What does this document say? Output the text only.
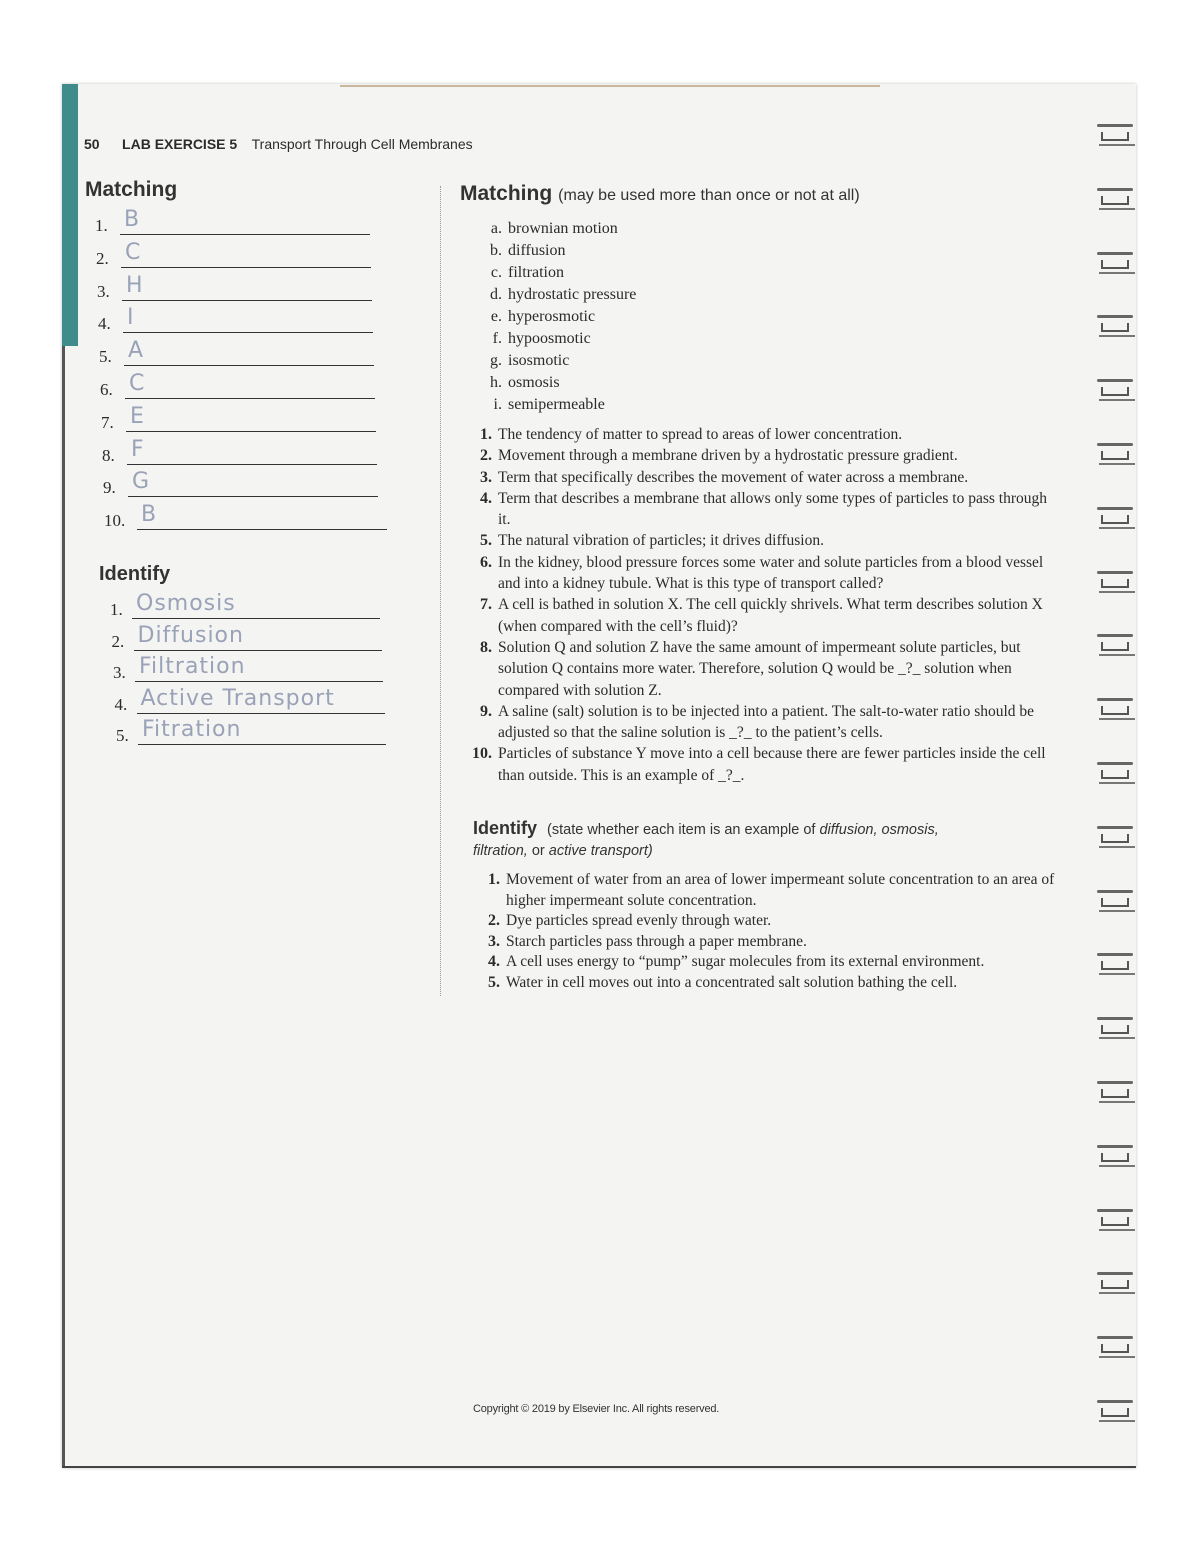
50 LAB EXERCISE 5 Transport Through Cell Membranes
Matching
1. B
2. C
3. H
4. I
5. A
6. C
7. E
8. F
9. G
10. B
Identify
1. Osmosis
2. Diffusion
3. Filtration
4. Active Transport
5. Fitration
Matching (may be used more than once or not at all)
a. brownian motion
b. diffusion
c. filtration
d. hydrostatic pressure
e. hyperosmotic
f. hypoosmotic
g. isosmotic
h. osmosis
i. semipermeable
1. The tendency of matter to spread to areas of lower concentration.
2. Movement through a membrane driven by a hydrostatic pressure gradient.
3. Term that specifically describes the movement of water across a membrane.
4. Term that describes a membrane that allows only some types of particles to pass through it.
5. The natural vibration of particles; it drives diffusion.
6. In the kidney, blood pressure forces some water and solute particles from a blood vessel and into a kidney tubule. What is this type of transport called?
7. A cell is bathed in solution X. The cell quickly shrivels. What term describes solution X (when compared with the cell’s fluid)?
8. Solution Q and solution Z have the same amount of impermeant solute particles, but solution Q contains more water. Therefore, solution Q would be _?_ solution when compared with solution Z.
9. A saline (salt) solution is to be injected into a patient. The salt-to-water ratio should be adjusted so that the saline solution is _?_ to the patient’s cells.
10. Particles of substance Y move into a cell because there are fewer particles inside the cell than outside. This is an example of _?_.
Identify (state whether each item is an example of diffusion, osmosis,
filtration, or active transport)
1. Movement of water from an area of lower impermeant solute concentration to an area of higher impermeant solute concentration.
2. Dye particles spread evenly through water.
3. Starch particles pass through a paper membrane.
4. A cell uses energy to “pump” sugar molecules from its external environment.
5. Water in cell moves out into a concentrated salt solution bathing the cell.
Copyright © 2019 by Elsevier Inc. All rights reserved.
